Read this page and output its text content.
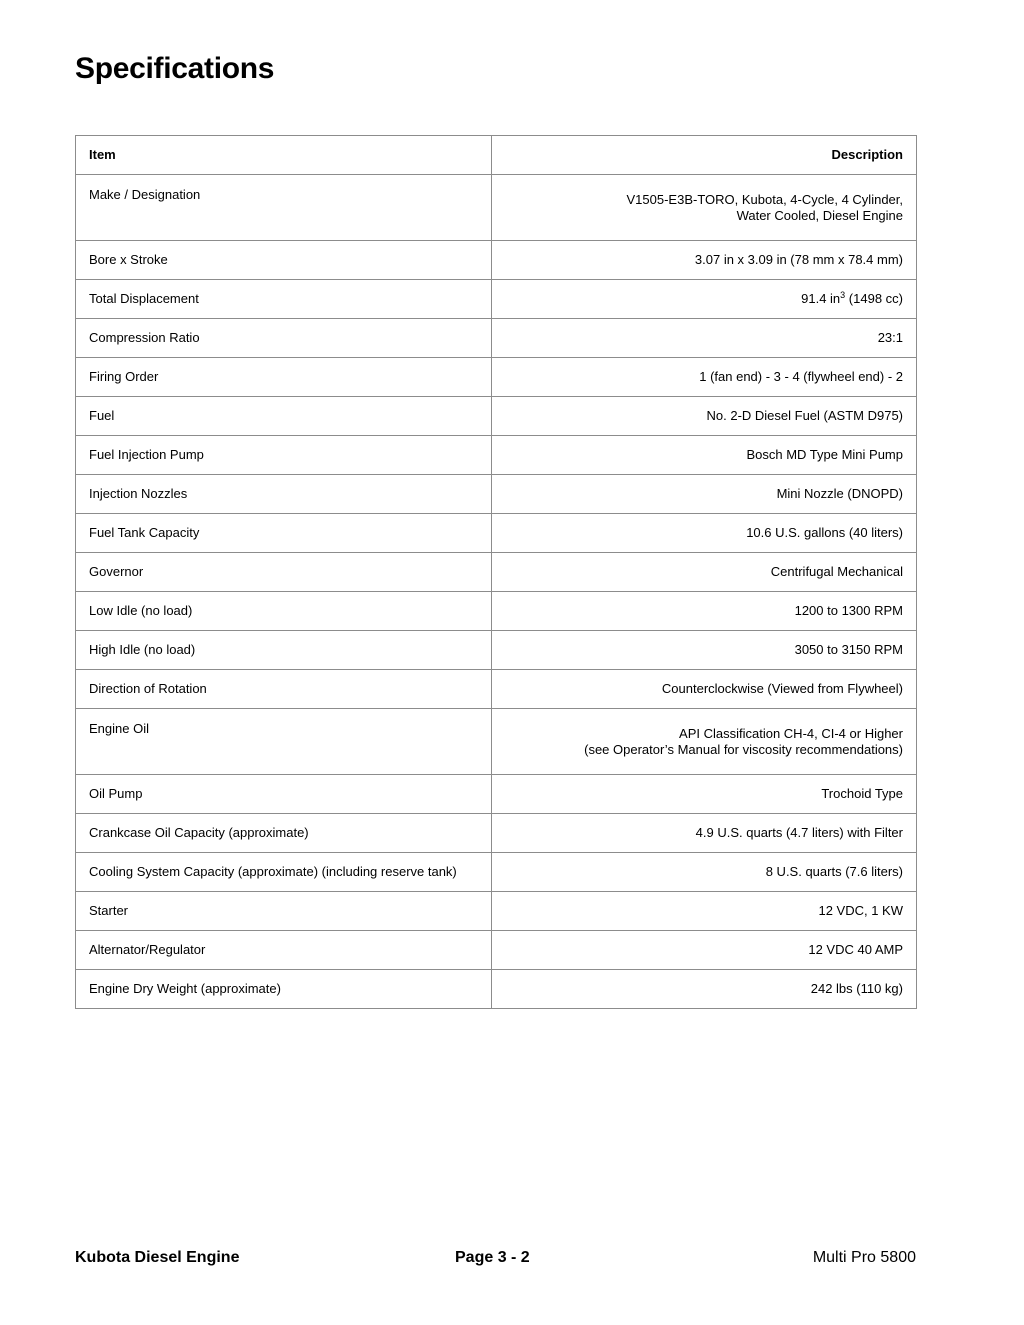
Specifications
Item	Description
Make / Designation	V1505-E3B-TORO, Kubota, 4-Cycle, 4 Cylinder,
Water Cooled, Diesel Engine

Bore x Stroke	3.07 in x 3.09 in (78 mm x 78.4 mm)

Total Displacement	91.4 $in^3$ (1498 cc)

Compression Ratio	23:1

Firing Order	1 (fan end) - 3 - 4 (flywheel end) - 2

Fuel	No. 2-D Diesel Fuel (ASTM D975)

Fuel Injection Pump	Bosch MD Type Mini Pump

Injection Nozzles	Mini Nozzle (DNOPD)

Fuel Tank Capacity	10.6 U.S. gallons (40 liters)

Governor	Centrifugal Mechanical

Low Idle (no load)	1200 to 1300 RPM

High Idle (no load)	3050 to 3150 RPM

Direction of Rotation	Counterclockwise (Viewed from Flywheel)

Engine Oil	API Classification CH-4, CI-4 or Higher
(see Operator’s Manual for viscosity recommendations)

Oil Pump	Trochoid Type

Crankcase Oil Capacity (approximate)	4.9 U.S. quarts (4.7 liters) with Filter

Cooling System Capacity (approximate) (including reserve tank)	8 U.S. quarts (7.6 liters)

Starter	12 VDC, 1 KW

Alternator/Regulator	12 VDC 40 AMP

Engine Dry Weight (approximate)	242 lbs (110 kg)
Kubota Diesel Engine	Page 3 - 2	Multi Pro 5800
